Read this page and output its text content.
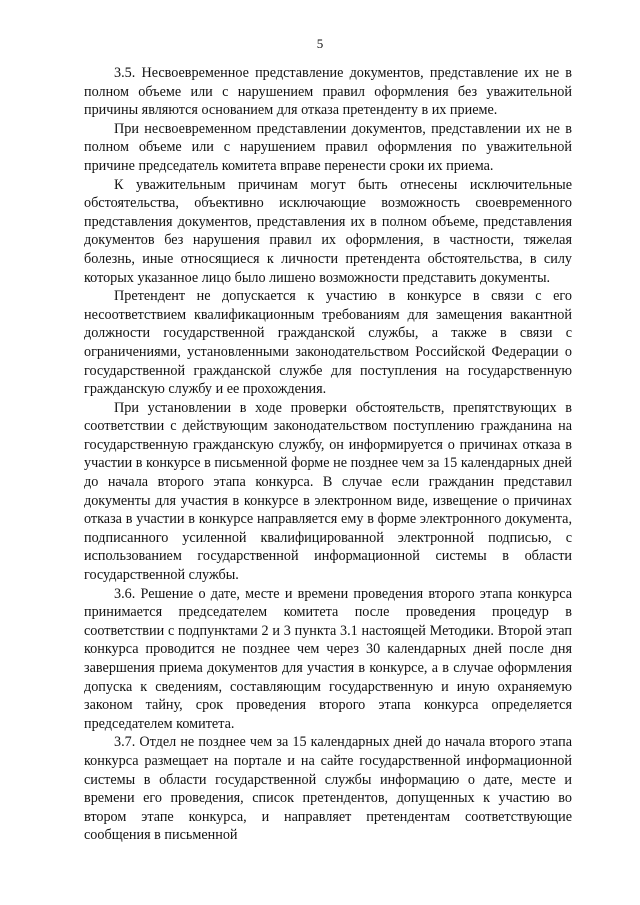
5

3.5. Несвоевременное представление документов, представление их не в полном объеме или с нарушением правил оформления без уважительной причины являются основанием для отказа претенденту в их приеме.

При несвоевременном представлении документов, представлении их не в полном объеме или с нарушением правил оформления по уважительной причине председатель комитета вправе перенести сроки их приема.

К уважительным причинам могут быть отнесены исключительные обстоятельства, объективно исключающие возможность своевременного представления документов, представления их в полном объеме, представления документов без нарушения правил их оформления, в частности, тяжелая болезнь, иные относящиеся к личности претендента обстоятельства, в силу которых указанное лицо было лишено возможности представить документы.

Претендент не допускается к участию в конкурсе в связи с его несоответствием квалификационным требованиям для замещения вакантной должности государственной гражданской службы, а также в связи с ограничениями, установленными законодательством Российской Федерации о государственной гражданской службе для поступления на государственную гражданскую службу и ее прохождения.

При установлении в ходе проверки обстоятельств, препятствующих в соответствии с действующим законодательством поступлению гражданина на государственную гражданскую службу, он информируется о причинах отказа в участии в конкурсе в письменной форме не позднее чем за 15 календарных дней до начала второго этапа конкурса. В случае если гражданин представил документы для участия в конкурсе в электронном виде, извещение о причинах отказа в участии в конкурсе направляется ему в форме электронного документа, подписанного усиленной квалифицированной электронной подписью, с использованием государственной информационной системы в области государственной службы.

3.6. Решение о дате, месте и времени проведения второго этапа конкурса принимается председателем комитета после проведения процедур в соответствии с подпунктами 2 и 3 пункта 3.1 настоящей Методики. Второй этап конкурса проводится не позднее чем через 30 календарных дней после дня завершения приема документов для участия в конкурсе, а в случае оформления допуска к сведениям, составляющим государственную и иную охраняемую законом тайну, срок проведения второго этапа конкурса определяется председателем комитета.

3.7. Отдел не позднее чем за 15 календарных дней до начала второго этапа конкурса размещает на портале и на сайте государственной информационной системы в области государственной службы информацию о дате, месте и времени его проведения, список претендентов, допущенных к участию во втором этапе конкурса, и направляет претендентам соответствующие сообщения в письменной
